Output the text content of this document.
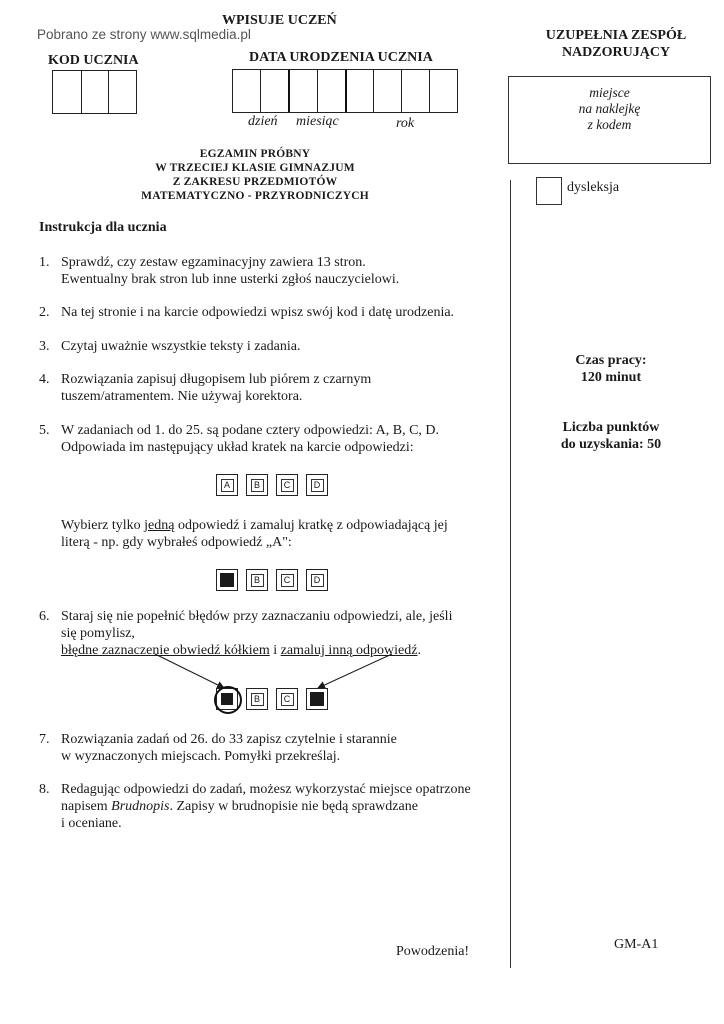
Pobrano ze strony www.sqlmedia.pl
WPISUJE UCZEŃ
KOD UCZNIA	DATA URODZENIA UCZNIA
dzień miesiąc	rok
UZUPEŁNIA ZESPÓŁ
NADZORUJĄCY
miejsce
na naklejkę
z kodem
dysleksja
EGZAMIN PRÓBNY
W TRZECIEJ KLASIE GIMNAZJUM
Z ZAKRESU PRZEDMIOTÓW
MATEMATYCZNO - PRZYRODNICZYCH
Instrukcja dla ucznia
1. Sprawdź, czy zestaw egzaminacyjny zawiera 13 stron.
Ewentualny brak stron lub inne usterki zgłoś nauczycielowi.
2. Na tej stronie i na karcie odpowiedzi wpisz swój kod i datę urodzenia.
3. Czytaj uważnie wszystkie teksty i zadania.
4. Rozwiązania zapisuj długopisem lub piórem z czarnym
tuszem/atramentem. Nie używaj korektora.
5. W zadaniach od 1. do 25. są podane cztery odpowiedzi: A, B, C, D.
Odpowiada im następujący układ kratek na karcie odpowiedzi:
A	B	C	D
Wybierz tylko jedną odpowiedź i zamaluj kratkę z odpowiadającą jej
literą - np. gdy wybrałeś odpowiedź „A":
B	C	D
6. Staraj się nie popełnić błędów przy zaznaczaniu odpowiedzi, ale, jeśli
się pomylisz,
błędne zaznaczenie obwiedź kółkiem i zamaluj inną odpowiedź.
B	C
7. Rozwiązania zadań od 26. do 33 zapisz czytelnie i starannie
w wyznaczonych miejscach. Pomyłki przekreślaj.
8. Redagując odpowiedzi do zadań, możesz wykorzystać miejsce opatrzone
napisem Brudnopis. Zapisy w brudnopisie nie będą sprawdzane
i oceniane.
Czas pracy:
120 minut
Liczba punktów
do uzyskania: 50
Powodzenia!	GM-A1
